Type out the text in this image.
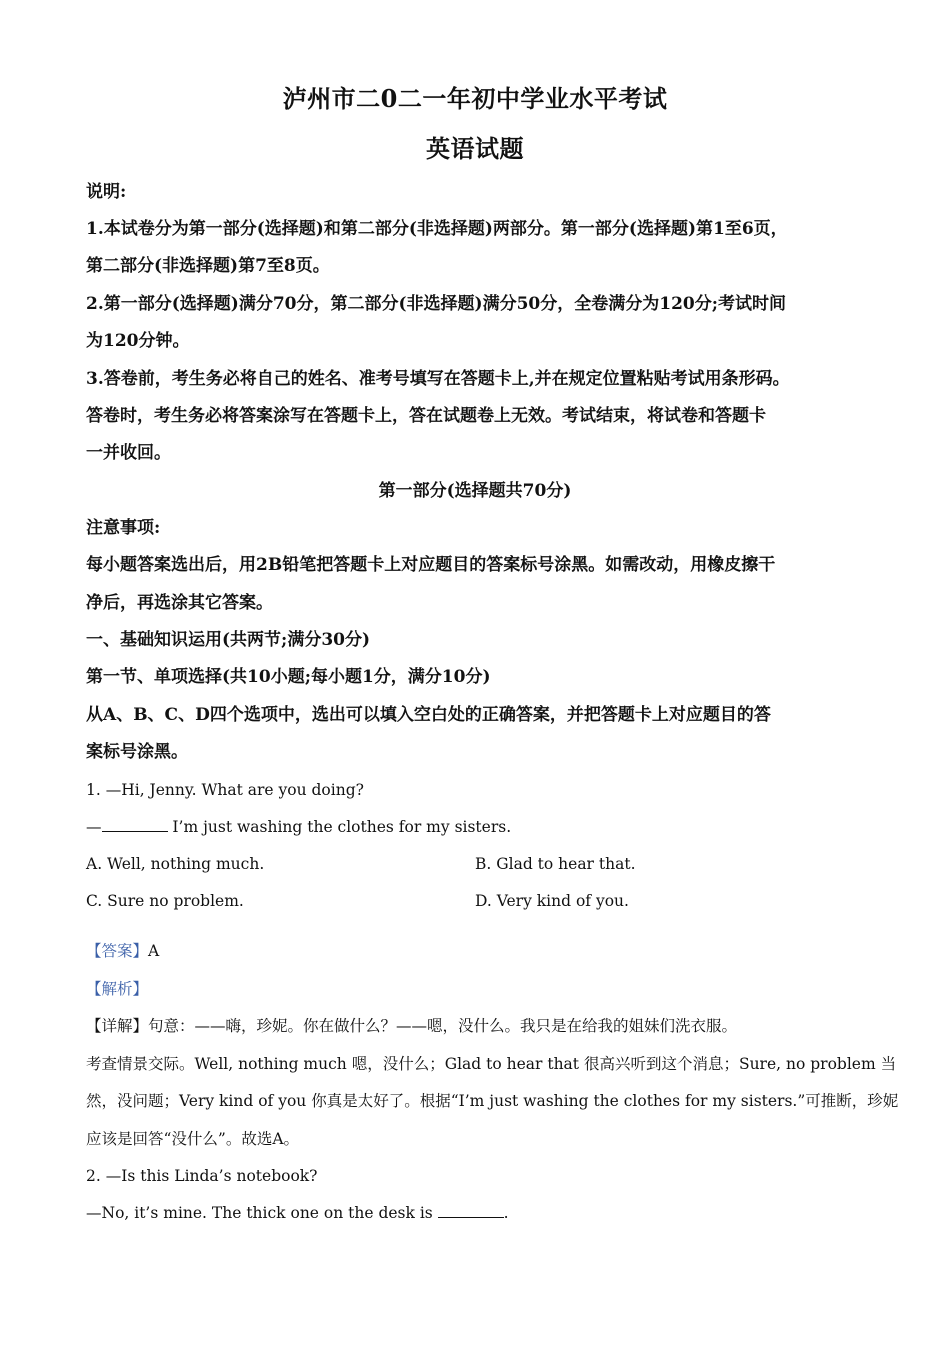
泸州市二0二一年初中学业水平考试
英语试题
说明:
1.本试卷分为第一部分(选择题)和第二部分(非选择题)两部分。第一部分(选择题)第1至6页，
第二部分(非选择题)第7至8页。
2.第一部分(选择题)满分70分，第二部分(非选择题)满分50分，全卷满分为120分;考试时间
为120分钟。
3.答卷前，考生务必将自己的姓名、准考号填写在答题卡上,并在规定位置粘贴考试用条形码。
答卷时，考生务必将答案涂写在答题卡上，答在试题卷上无效。考试结束，将试卷和答题卡
一并收回。
第一部分(选择题共70分)
注意事项:
每小题答案选出后，用2B铅笔把答题卡上对应题目的答案标号涂黑。如需改动，用橡皮擦干
净后，再选涂其它答案。
一、基础知识运用(共两节;满分30分)
第一节、单项选择(共10小题;每小题1分，满分10分)
从A、B、C、D四个选项中，选出可以填入空白处的正确答案，并把答题卡上对应题目的答
案标号涂黑。
1. —Hi, Jenny. What are you doing?
—	I’m just washing the clothes for my sisters.
A. Well, nothing much.	B. Glad to hear that.
C. Sure no problem.	D. Very kind of you.
【答案】A
【解析】
【详解】句意：——嗨，珍妮。你在做什么？——嗯，没什么。我只是在给我的姐妹们洗衣服。
考查情景交际。Well, nothing much 嗯，没什么；Glad to hear that 很高兴听到这个消息；Sure, no problem 当
然，没问题；Very kind of you 你真是太好了。根据“I’m just washing the clothes for my sisters.”可推断，珍妮
应该是回答“没什么”。故选A。
2. —Is this Linda’s notebook?
—No, it’s mine. The thick one on the desk is	.
